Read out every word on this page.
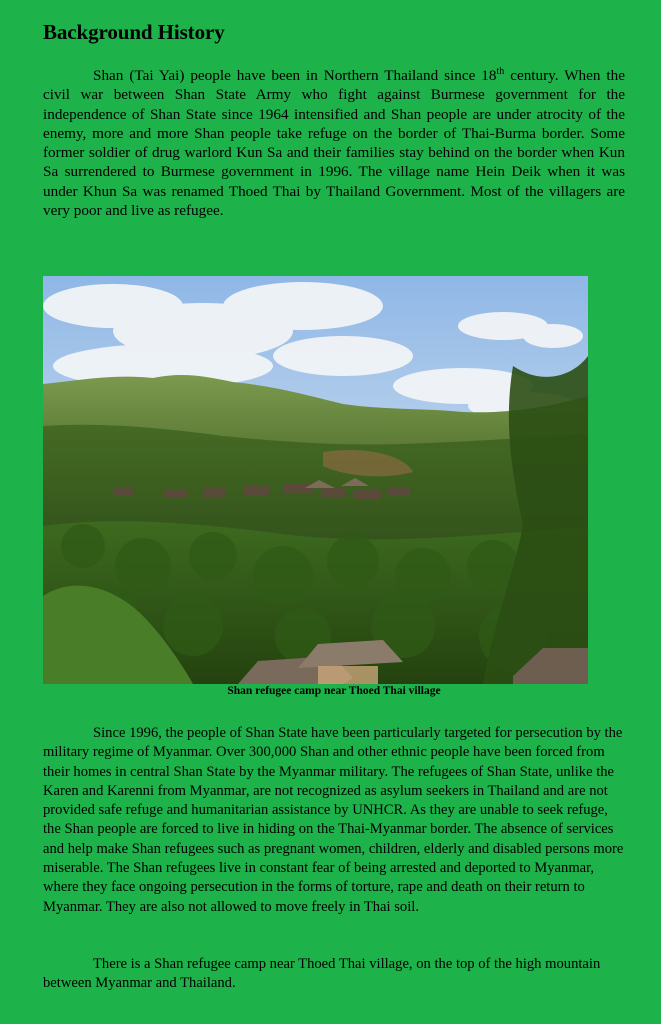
Background History

Shan (Tai Yai) people have been in Northern Thailand since 18th century. When the civil war between Shan State Army who fight against Burmese government for the independence of Shan State since 1964 intensified and Shan people are under atrocity of the enemy, more and more Shan people take refuge on the border of Thai-Burma border. Some former soldier of drug warlord Kun Sa and their families stay behind on the border when Kun Sa surrendered to Burmese government in 1996. The village name Hein Deik when it was under Khun Sa was renamed Thoed Thai by Thailand Government. Most of the villagers are very poor and live as refugee.

Shan refugee camp near Thoed Thai village

Since 1996, the people of Shan State have been particularly targeted for persecution by the military regime of Myanmar. Over 300,000 Shan and other ethnic people have been forced from their homes in central Shan State by the Myanmar military. The refugees of Shan State, unlike the Karen and Karenni from Myanmar, are not recognized as asylum seekers in Thailand and are not provided safe refuge and humanitarian assistance by UNHCR. As they are unable to seek refuge, the Shan people are forced to live in hiding on the Thai-Myanmar border. The absence of services and help make Shan refugees such as pregnant women, children, elderly and disabled persons more miserable. The Shan refugees live in constant fear of being arrested and deported to Myanmar, where they face ongoing persecution in the forms of torture, rape and death on their return to Myanmar. They are also not allowed to move freely in Thai soil.

There is a Shan refugee camp near Thoed Thai village, on the top of the high mountain between Myanmar and Thailand.
